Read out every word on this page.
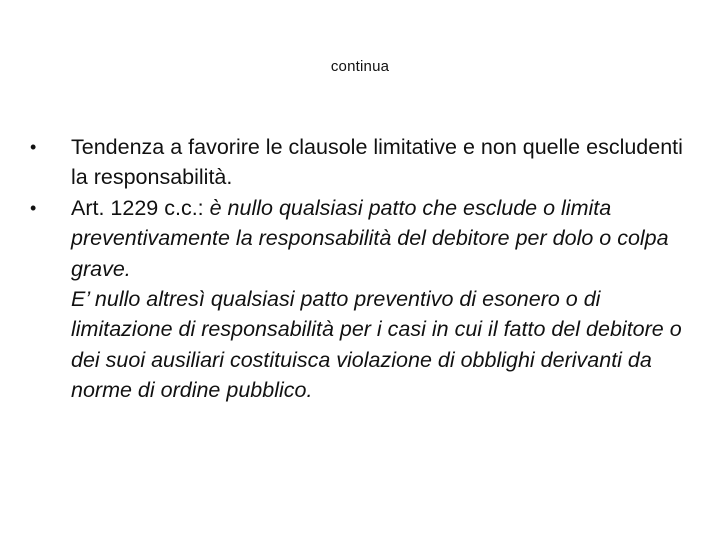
continua
•	Tendenza a favorire le clausole limitative e non quelle escludenti la responsabilità.
•	Art. 1229 c.c.: è nullo qualsiasi patto che esclude o limita preventivamente la responsabilità del debitore per dolo o colpa grave.
E’ nullo altresì qualsiasi patto preventivo di esonero o di limitazione di responsabilità per i casi in cui il fatto del debitore o dei suoi ausiliari costituisca violazione di obblighi derivanti da norme di ordine pubblico.
